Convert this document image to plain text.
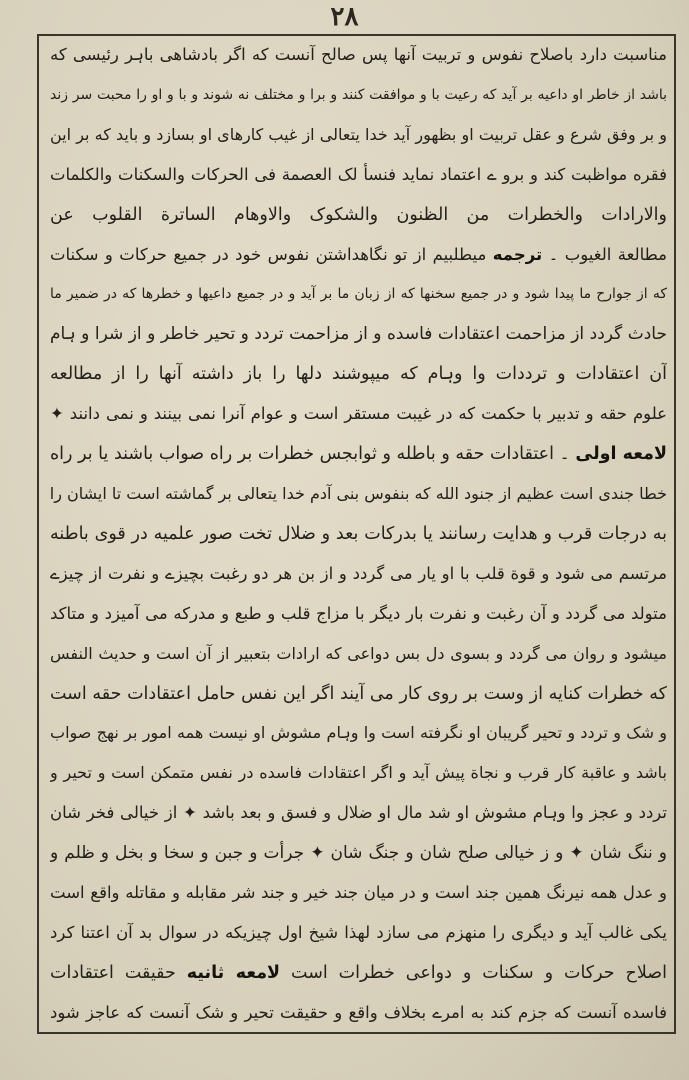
۲۸
مناسبت دارد باصلاح نفوس و تربیت آنها پس صالح آنست که اگر بادشاهی باہر رئیسی که
باشد از خاطر او داعیه بر آید که رعیت با و موافقت کنند و برا و مختلف نه شوند و با و او را محبت سر زند
و بر وفق شرع و عقل تربیت او بظهور آید خدا یتعالی از غیب کارهای او بسازد و باید که بر این
فقره مواظبت کند و برو ے اعتماد نماید فنسأ لک العصمة فی الحرکات والسکنات والکلمات
والارادات والخطرات من الظنون والشکوک والاوهام الساترة القلوب عن
مطالعة الغیوب ۔ ترجمه میطلبیم از تو نگاهداشتن نفوس خود در جمیع حرکات و سکنات
که از جوارح ما پیدا شود و در جمیع سخنها که از زبان ما بر آید و در جمیع داعیها و خطرها که در ضمیر ما
حادث گردد از مزاحمت اعتقادات فاسده و از مزاحمت تردد و تحیر خاطر و از شرا و ہام
آن اعتقادات و ترددات وا وہام که میپوشند دلها را باز داشته آنها را از مطالعه
علوم حقه و تدبیر با حکمت که در غیبت مستقر است و عوام آنرا نمی بینند و نمی دانند ✦
لامعه اولی ۔ اعتقادات حقه و باطله و ثوابجس خطرات بر راه صواب باشند یا بر راه
خطا جندی است عظیم از جنود الله که بنفوس بنی آدم خدا یتعالی بر گماشته است تا ایشان را
به درجات قرب و هدایت رسانند یا بدرکات بعد و ضلال تخت صور علمیه در قوی باطنه
مرتسم می شود و قوة قلب با او یار می گردد و از بن هر دو رغبت بچیزے و نفرت از چیزے
متولد می گردد و آن رغبت و نفرت بار دیگر با مزاج قلب و طبع و مدرکه می آمیزد و متاکد
میشود و روان می گردد و بسوی دل بس دواعی که ارادات بتعبیر از آن است و حدیث النفس
که خطرات کنایه از وست بر روی کار می آیند اگر این نفس حامل اعتقادات حقه است
و شک و تردد و تحیر گریبان او نگرفته است وا وہام مشوش او نیست همه امور بر نهج صواب
باشد و عاقبة کار قرب و نجاة پیش آید و اگر اعتقادات فاسده در نفس متمکن است و تحیر و
تردد و عجز وا وہام مشوش او شد مال او ضلال و فسق و بعد باشد ✦ از خیالی فخر شان
و ننگ شان ✦ و ز خیالی صلح شان و جنگ شان ✦ جرأت و جبن و سخا و بخل و ظلم و
و عدل همه نیرنگ همین جند است و در میان جند خیر و جند شر مقابله و مقاتله واقع است
یکی غالب آید و دیگری را منهزم می سازد لهذا شیخ اول چیزیکه در سوال بد آن اعتنا کرد
اصلاح حرکات و سکنات و دواعی خطرات است لامعه ثانیه حقیقت اعتقادات
فاسده آنست که جزم کند به امرے بخلاف واقع و حقیقت تحیر و شک آنست که عاجز شود
